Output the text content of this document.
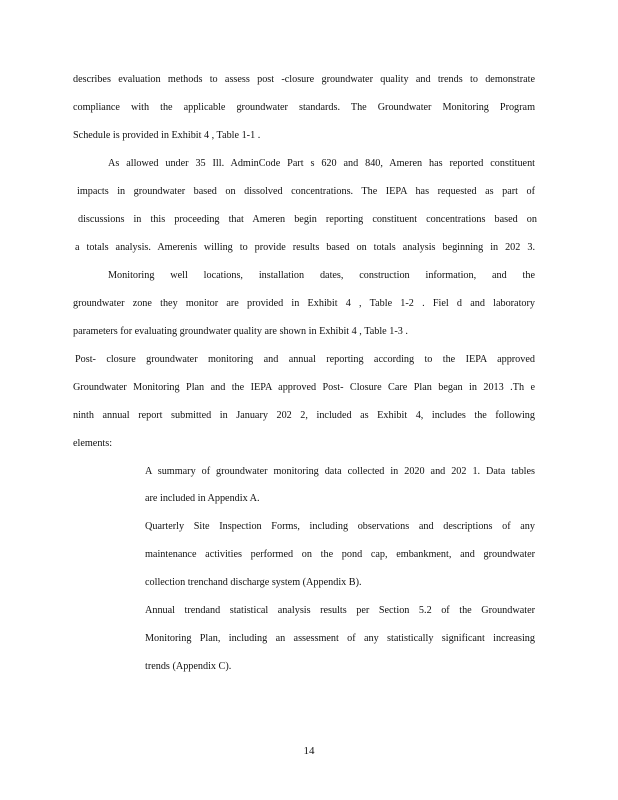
describes evaluation methods to assess post -closure groundwater quality and trends to demonstrate
compliance with the applicable groundwater standards. The Groundwater Monitoring Program
Schedule is provided in Exhibit 4 , Table 1-1 .
As allowed under 35 Ill. AdminCode Part s 620 and 840, Ameren has reported constituent
impacts in groundwater based on dissolved concentrations. The IEPA has requested as part of
discussions in this proceeding that Ameren begin reporting constituent concentrations based on
a totals analysis. Amerenis willing to provide results based on totals analysis beginning in 202 3.
Monitoring well locations, installation dates, construction information, and the
groundwater zone they monitor are provided in Exhibit 4 , Table 1-2 . Fiel d and laboratory
parameters for evaluating groundwater quality are shown in Exhibit 4 , Table 1-3 .
Post- closure groundwater monitoring and annual reporting according to the IEPA approved
Groundwater Monitoring Plan and the IEPA approved Post- Closure Care Plan began in 2013 .Th e
ninth annual report submitted in January 202 2, included as Exhibit 4, includes the following
elements:
A summary of groundwater monitoring data collected in 2020 and 202 1. Data tables
are included in Appendix A.
Quarterly Site Inspection Forms, including observations and descriptions of any
maintenance activities performed on the pond cap, embankment, and groundwater
collection trenchand discharge system (Appendix B).
Annual trendand statistical analysis results per Section 5.2 of the Groundwater
Monitoring Plan, including an assessment of any statistically significant increasing
trends (Appendix C).
14
